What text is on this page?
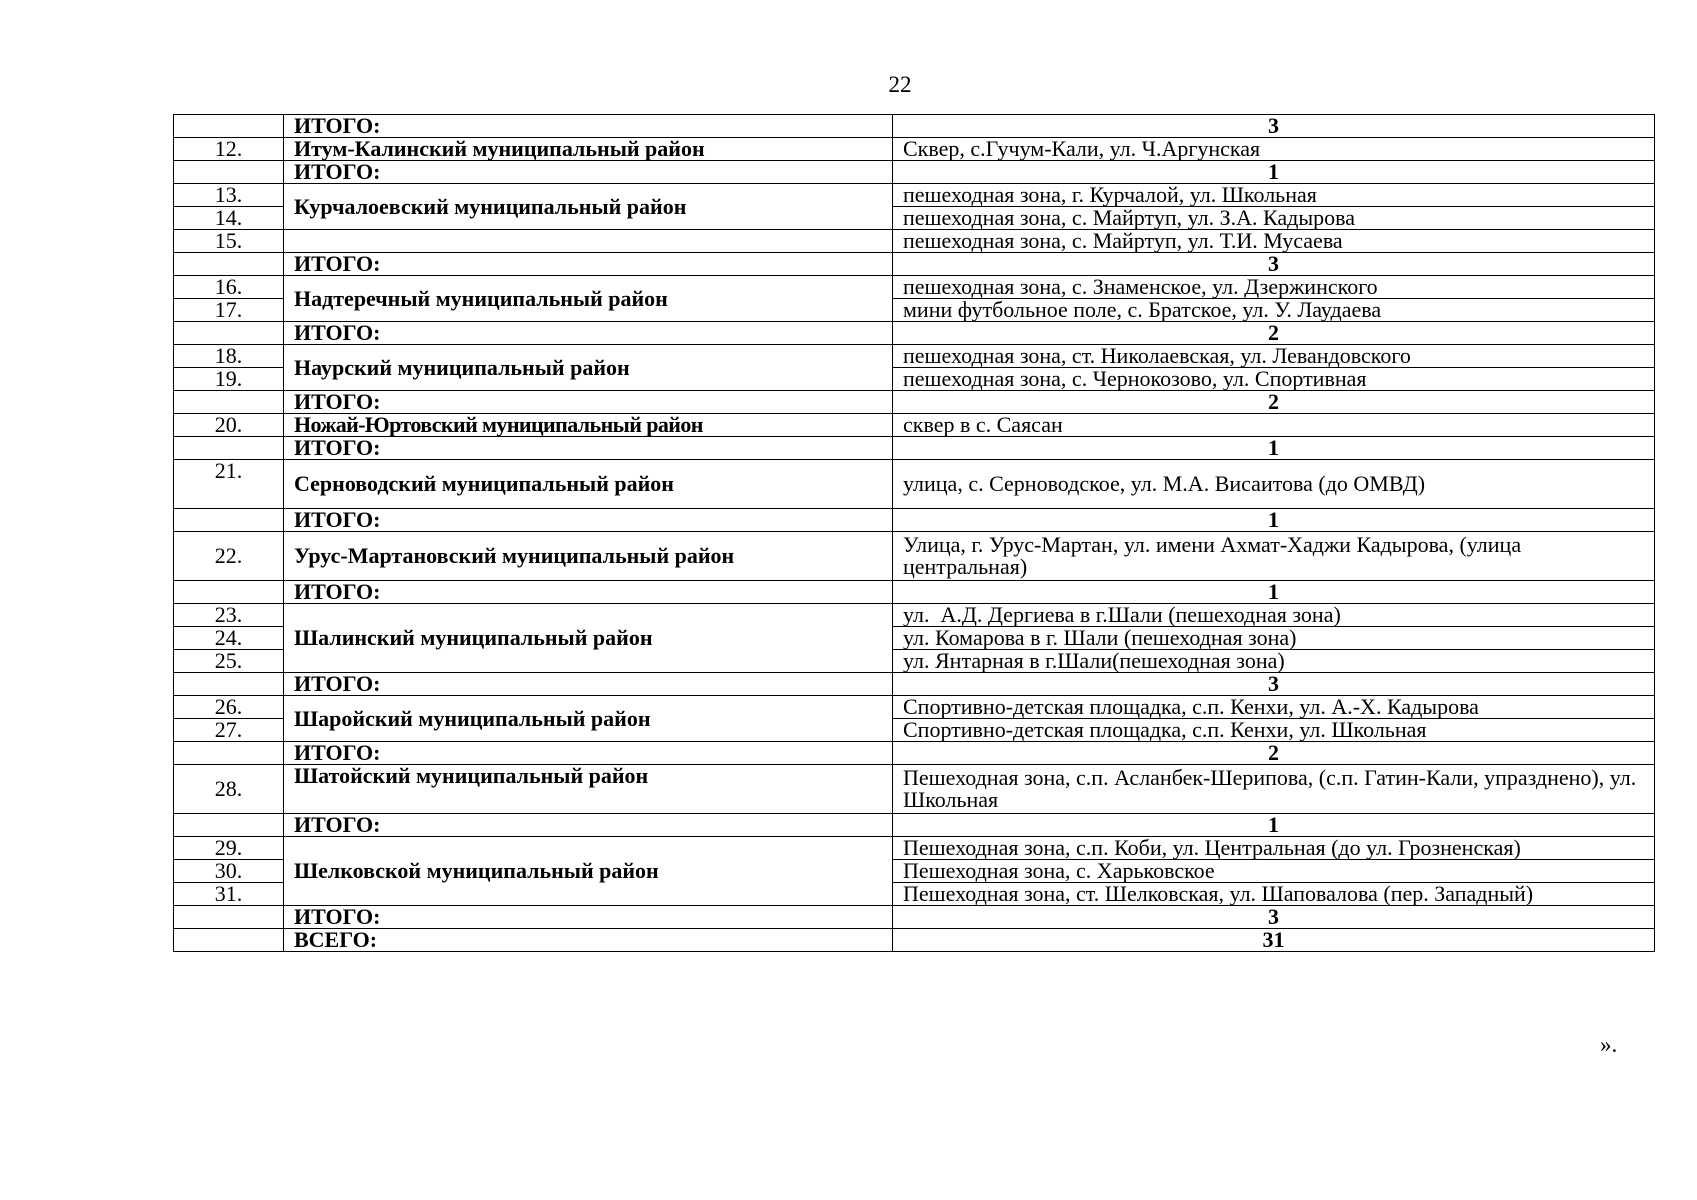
22
	ИТОГО:	3
12.	Итум-Калинский муниципальный район	Сквер, с.Гучум-Кали, ул. Ч.Аргунская
	ИТОГО:	1
13.	Курчалоевский муниципальный район	пешеходная зона, г. Курчалой, ул. Школьная
14.		пешеходная зона, с. Майртуп, ул. З.А. Кадырова
15.		пешеходная зона, с. Майртуп, ул. Т.И. Мусаева
	ИТОГО:	3
16.	Надтеречный муниципальный район	пешеходная зона, с. Знаменское, ул. Дзержинского
17.		мини футбольное поле, с. Братское, ул. У. Лаудаева
	ИТОГО:	2
18.	Наурский муниципальный район	пешеходная зона, ст. Николаевская, ул. Левандовского
19.		пешеходная зона, с. Чернокозово, ул. Спортивная
	ИТОГО:	2
20.	Ножай-Юртовский муниципальный район	сквер в с. Саясан
	ИТОГО:	1
21.	Серноводский муниципальный район	улица, с. Серноводское, ул. М.А. Висаитова (до ОМВД)
	ИТОГО:	1
22.	Урус-Мартановский муниципальный район	Улица, г. Урус-Мартан, ул. имени Ахмат-Хаджи Кадырова, (улица центральная)
	ИТОГО:	1
23.	Шалинский муниципальный район	ул.  А.Д. Дергиева в г.Шали (пешеходная зона)
24.		ул. Комарова в г. Шали (пешеходная зона)
25.		ул. Янтарная в г.Шали(пешеходная зона)
	ИТОГО:	3
26.	Шаройский муниципальный район	Спортивно-детская площадка, с.п. Кенхи, ул. А.-Х. Кадырова
27.		Спортивно-детская площадка, с.п. Кенхи, ул. Школьная
	ИТОГО:	2
28.	Шатойский муниципальный район	Пешеходная зона, с.п. Асланбек-Шерипова, (с.п. Гатин-Кали, упразднено), ул. Школьная
	ИТОГО:	1
29.	Шелковской муниципальный район	Пешеходная зона, с.п. Коби, ул. Центральная (до ул. Грозненская)
30.		Пешеходная зона, с. Харьковское
31.		Пешеходная зона, ст. Шелковская, ул. Шаповалова (пер. Западный)
	ИТОГО:	3
	ВСЕГО:	31
».
